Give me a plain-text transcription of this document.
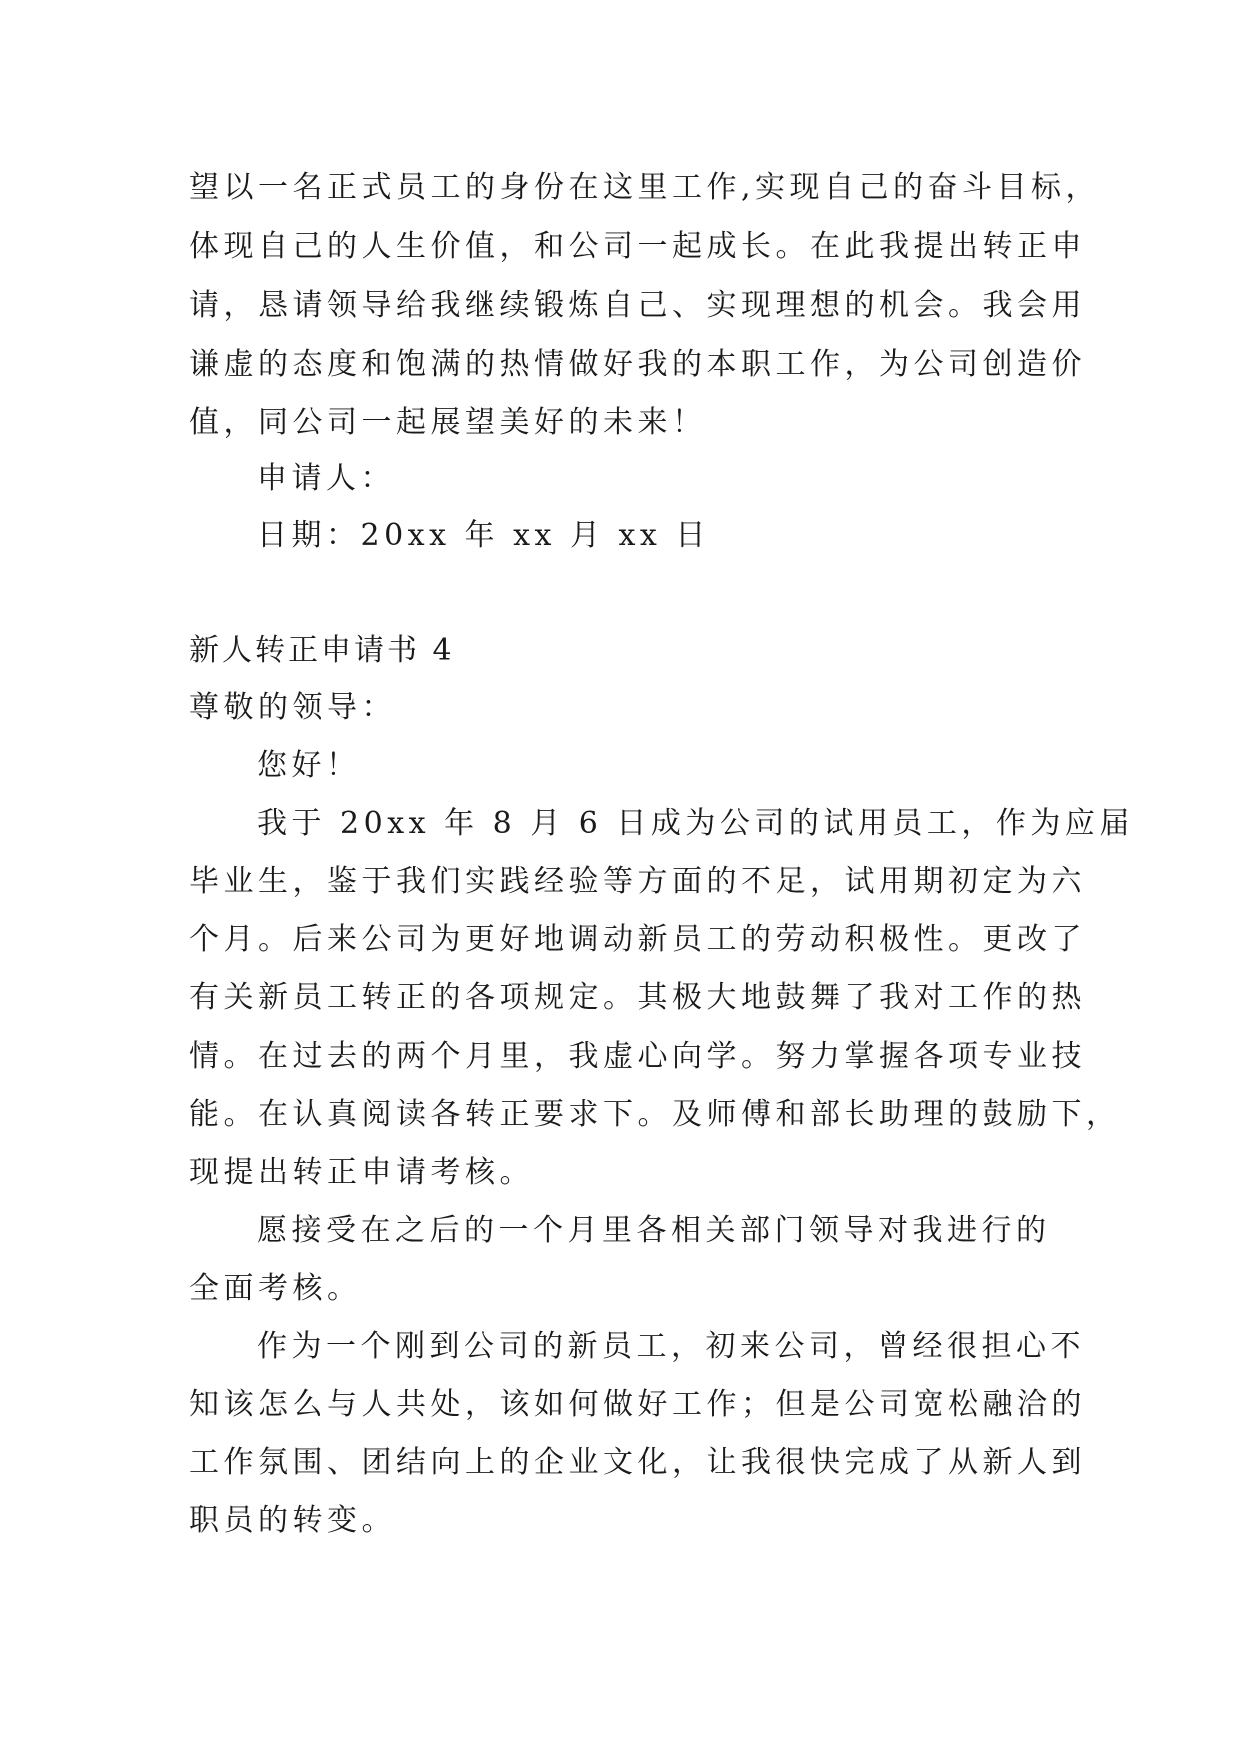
望以一名正式员工的身份在这里工作,实现自己的奋斗目标，
体现自己的人生价值，和公司一起成长。在此我提出转正申
请，恳请领导给我继续锻炼自己、实现理想的机会。我会用
谦虚的态度和饱满的热情做好我的本职工作，为公司创造价
值，同公司一起展望美好的未来！
申请人：
日期：20xx 年 xx 月 xx 日
新人转正申请书 4
尊敬的领导：
您好！
我于 20xx 年 8 月 6 日成为公司的试用员工，作为应届
毕业生，鉴于我们实践经验等方面的不足，试用期初定为六
个月。后来公司为更好地调动新员工的劳动积极性。更改了
有关新员工转正的各项规定。其极大地鼓舞了我对工作的热
情。在过去的两个月里，我虚心向学。努力掌握各项专业技
能。在认真阅读各转正要求下。及师傅和部长助理的鼓励下，
现提出转正申请考核。
愿接受在之后的一个月里各相关部门领导对我进行的
全面考核。
作为一个刚到公司的新员工，初来公司，曾经很担心不
知该怎么与人共处，该如何做好工作；但是公司宽松融洽的
工作氛围、团结向上的企业文化，让我很快完成了从新人到
职员的转变。
